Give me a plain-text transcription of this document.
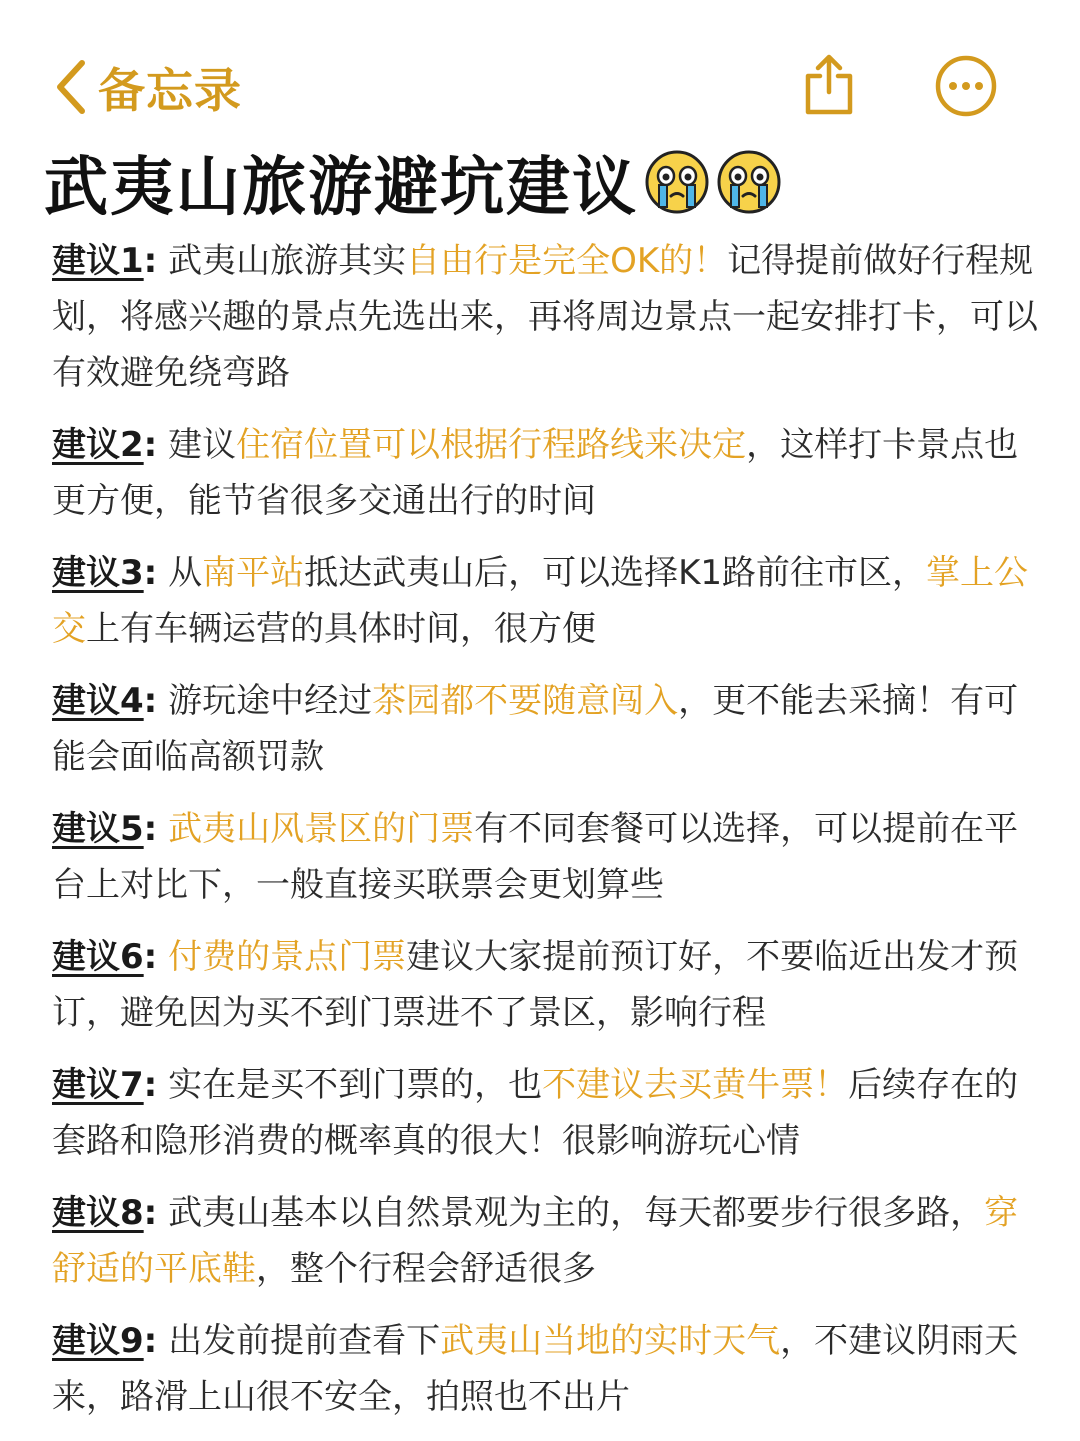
备忘录
武夷山旅游避坑建议
建议1: 武夷山旅游其实自由行是完全OK的！记得提前做好行程规划，将感兴趣的景点先选出来，再将周边景点一起安排打卡，可以有效避免绕弯路
建议2: 建议住宿位置可以根据行程路线来决定，这样打卡景点也更方便，能节省很多交通出行的时间
建议3: 从南平站抵达武夷山后，可以选择K1路前往市区，掌上公交上有车辆运营的具体时间，很方便
建议4: 游玩途中经过茶园都不要随意闯入，更不能去采摘！有可能会面临高额罚款
建议5: 武夷山风景区的门票有不同套餐可以选择，可以提前在平台上对比下，一般直接买联票会更划算些
建议6: 付费的景点门票建议大家提前预订好，不要临近出发才预订，避免因为买不到门票进不了景区，影响行程
建议7: 实在是买不到门票的，也不建议去买黄牛票！后续存在的套路和隐形消费的概率真的很大！很影响游玩心情
建议8: 武夷山基本以自然景观为主的，每天都要步行很多路，穿舒适的平底鞋，整个行程会舒适很多
建议9: 出发前提前查看下武夷山当地的实时天气，不建议阴雨天来，路滑上山很不安全，拍照也不出片
